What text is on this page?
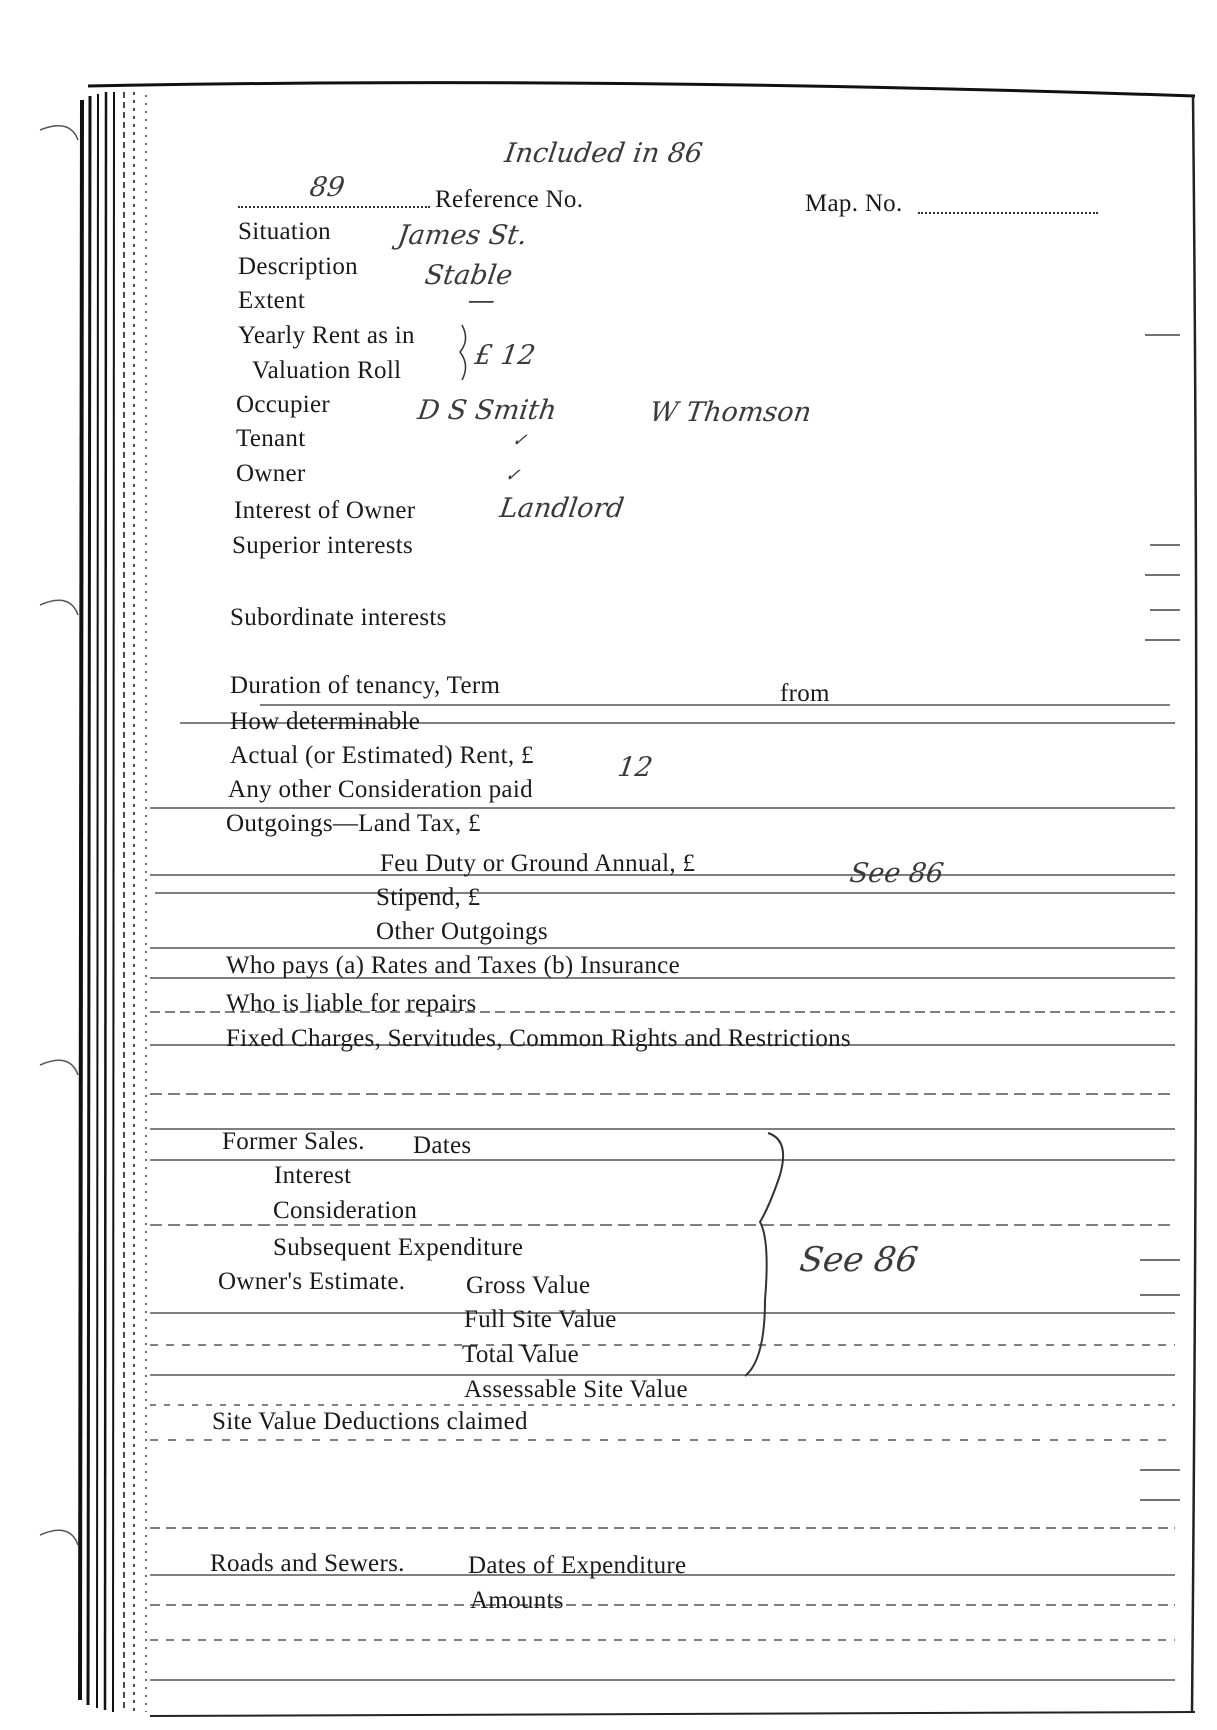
Included in 86
89	Reference No.	Map. No.
Situation James St.
Description Stable
Extent	—
Yearly Rent as in
Valuation Roll	£ 12
Occupier	D S Smith	W Thomson
Tenant	✓
Owner	✓
Interest of Owner	Landlord
Superior interests
Subordinate interests
Duration of tenancy, Term	from
How determinable
Actual (or Estimated) Rent, £	12
Any other Consideration paid
Outgoings—Land Tax, £
Feu Duty or Ground Annual, £	See 86
Stipend, £
Other Outgoings
Who pays (a) Rates and Taxes (b) Insurance
Who is liable for repairs
Fixed Charges, Servitudes, Common Rights and Restrictions
Former Sales. Dates
Interest
Consideration
Subsequent Expenditure	See 86
Owner's Estimate. Gross Value
Full Site Value
Total Value
Assessable Site Value
Site Value Deductions claimed
Roads and Sewers.	Dates of Expenditure
Amounts
